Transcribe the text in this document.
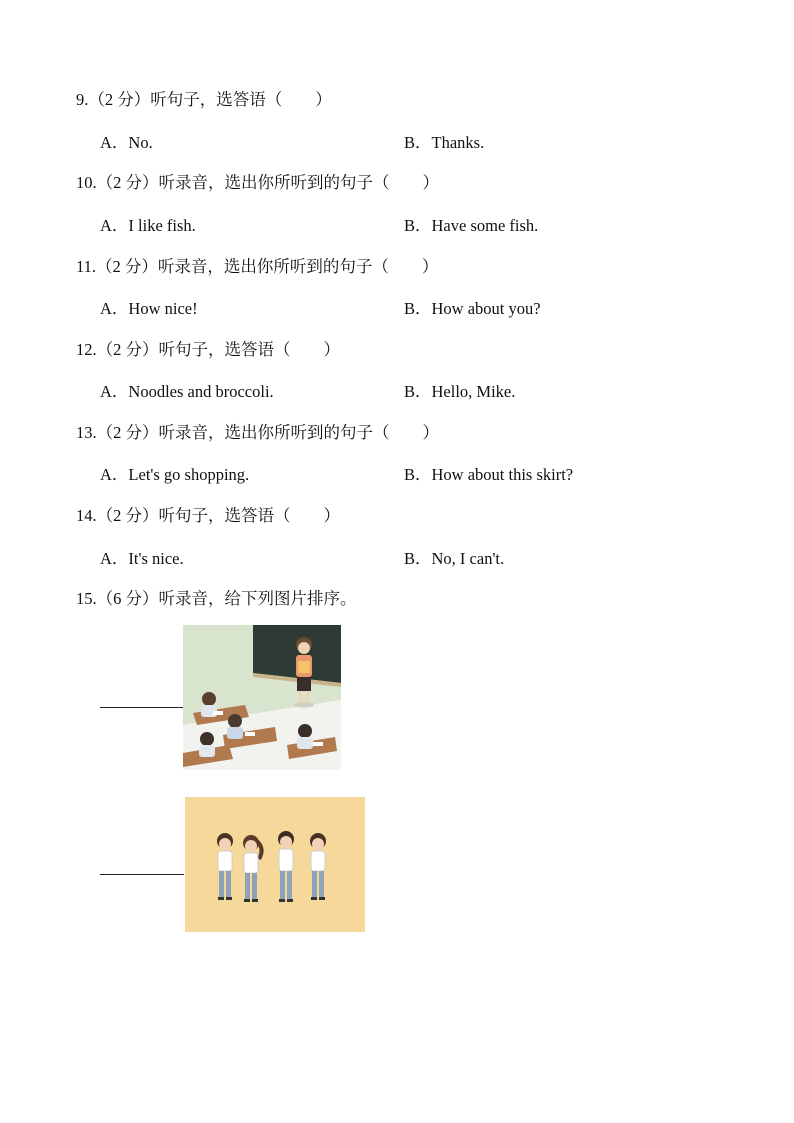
9.（2 分）听句子，选答语（　　）
A．No.	B．Thanks.
10.（2 分）听录音，选出你所听到的句子（　　）
A．I like fish.	B．Have some fish.
11.（2 分）听录音，选出你所听到的句子（　　）
A．How nice!	B．How about you?
12.（2 分）听句子，选答语（　　）
A．Noodles and broccoli.	B．Hello, Mike.
13.（2 分）听录音，选出你所听到的句子（　　）
A．Let's go shopping.	B．How about this skirt?
14.（2 分）听句子，选答语（　　）
A．It's nice.	B．No, I can't.
15.（6 分）听录音，给下列图片排序。
